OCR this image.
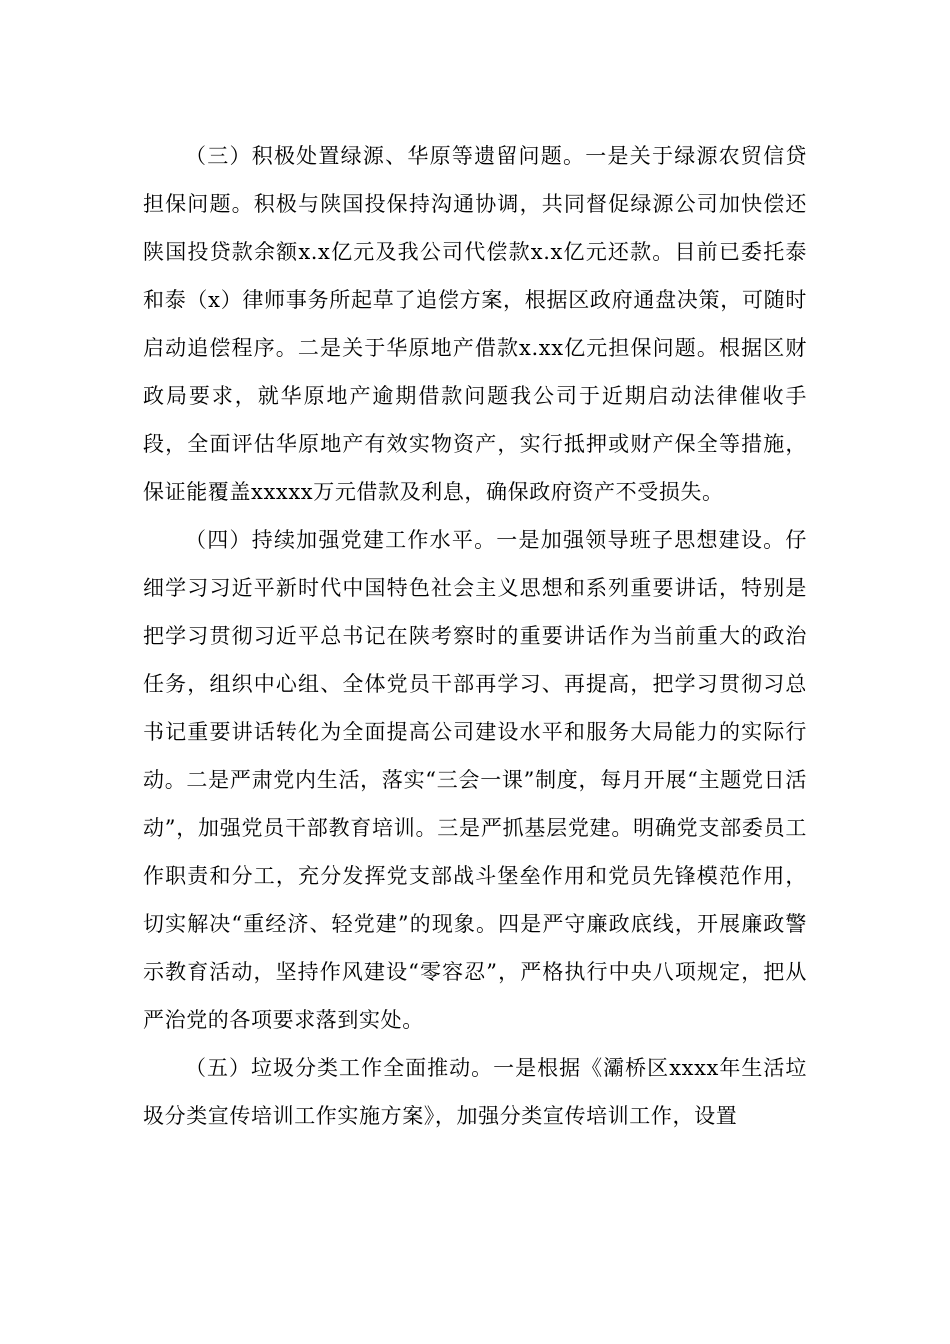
（三）积极处置绿源、华原等遗留问题。一是关于绿源农贸信贷担保问题。积极与陕国投保持沟通协调，共同督促绿源公司加快偿还陕国投贷款余额x.x亿元及我公司代偿款x.x亿元还款。目前已委托泰和泰（x）律师事务所起草了追偿方案，根据区政府通盘决策，可随时启动追偿程序。二是关于华原地产借款x.xx亿元担保问题。根据区财政局要求，就华原地产逾期借款问题我公司于近期启动法律催收手段，全面评估华原地产有效实物资产，实行抵押或财产保全等措施，保证能覆盖xxxxx万元借款及利息，确保政府资产不受损失。

（四）持续加强党建工作水平。一是加强领导班子思想建设。仔细学习习近平新时代中国特色社会主义思想和系列重要讲话，特别是把学习贯彻习近平总书记在陕考察时的重要讲话作为当前重大的政治任务，组织中心组、全体党员干部再学习、再提高，把学习贯彻习总书记重要讲话转化为全面提高公司建设水平和服务大局能力的实际行动。二是严肃党内生活，落实“三会一课”制度，每月开展“主题党日活动”，加强党员干部教育培训。三是严抓基层党建。明确党支部委员工作职责和分工，充分发挥党支部战斗堡垒作用和党员先锋模范作用，切实解决“重经济、轻党建”的现象。四是严守廉政底线，开展廉政警示教育活动，坚持作风建设“零容忍”，严格执行中央八项规定，把从严治党的各项要求落到实处。

（五）垃圾分类工作全面推动。一是根据《灞桥区xxxx年生活垃圾分类宣传培训工作实施方案》，加强分类宣传培训工作，设置
